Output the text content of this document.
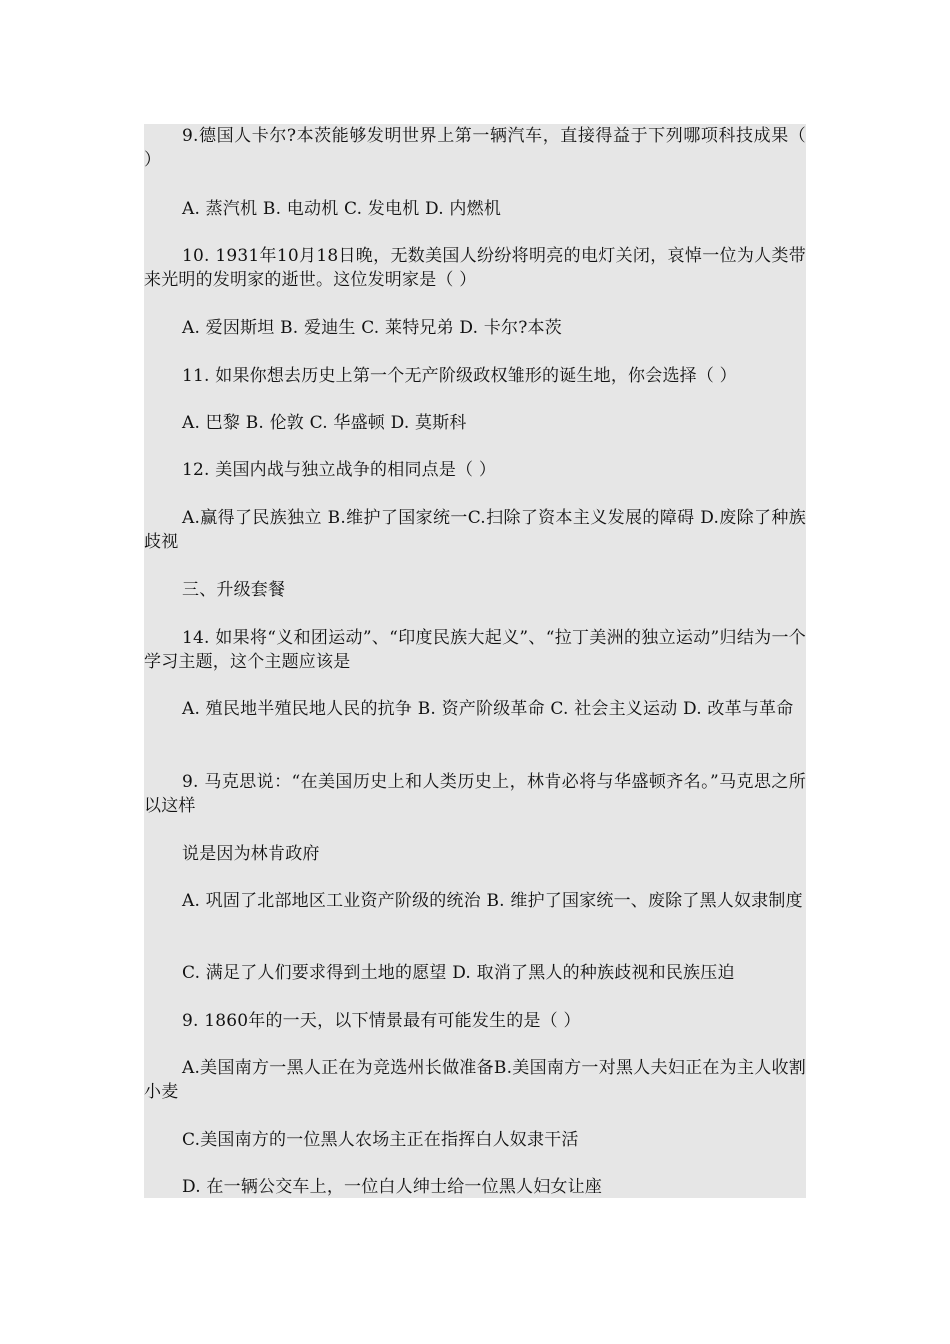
9.德国人卡尔?本茨能够发明世界上第一辆汽车，直接得益于下列哪项科技成果（ ）

A. 蒸汽机 B. 电动机 C. 发电机 D. 内燃机

10. 1931年10月18日晚，无数美国人纷纷将明亮的电灯关闭，哀悼一位为人类带来光明的发明家的逝世。这位发明家是（ ）

A. 爱因斯坦 B. 爱迪生 C. 莱特兄弟 D. 卡尔?本茨

11. 如果你想去历史上第一个无产阶级政权雏形的诞生地，你会选择（ ）

A. 巴黎 B. 伦敦 C. 华盛顿 D. 莫斯科

12. 美国内战与独立战争的相同点是（ ）

A.赢得了民族独立 B.维护了国家统一C.扫除了资本主义发展的障碍 D.废除了种族歧视

三、升级套餐

14. 如果将“义和团运动”、“印度民族大起义”、“拉丁美洲的独立运动”归结为一个学习主题，这个主题应该是

A. 殖民地半殖民地人民的抗争 B. 资产阶级革命 C. 社会主义运动 D. 改革与革命

9. 马克思说：“在美国历史上和人类历史上，林肯必将与华盛顿齐名。”马克思之所以这样

说是因为林肯政府

A. 巩固了北部地区工业资产阶级的统治 B. 维护了国家统一、废除了黑人奴隶制度

C. 满足了人们要求得到土地的愿望 D. 取消了黑人的种族歧视和民族压迫

9. 1860年的一天，以下情景最有可能发生的是（ ）

A.美国南方一黑人正在为竞选州长做准备B.美国南方一对黑人夫妇正在为主人收割小麦

C.美国南方的一位黑人农场主正在指挥白人奴隶干活

D. 在一辆公交车上，一位白人绅士给一位黑人妇女让座
